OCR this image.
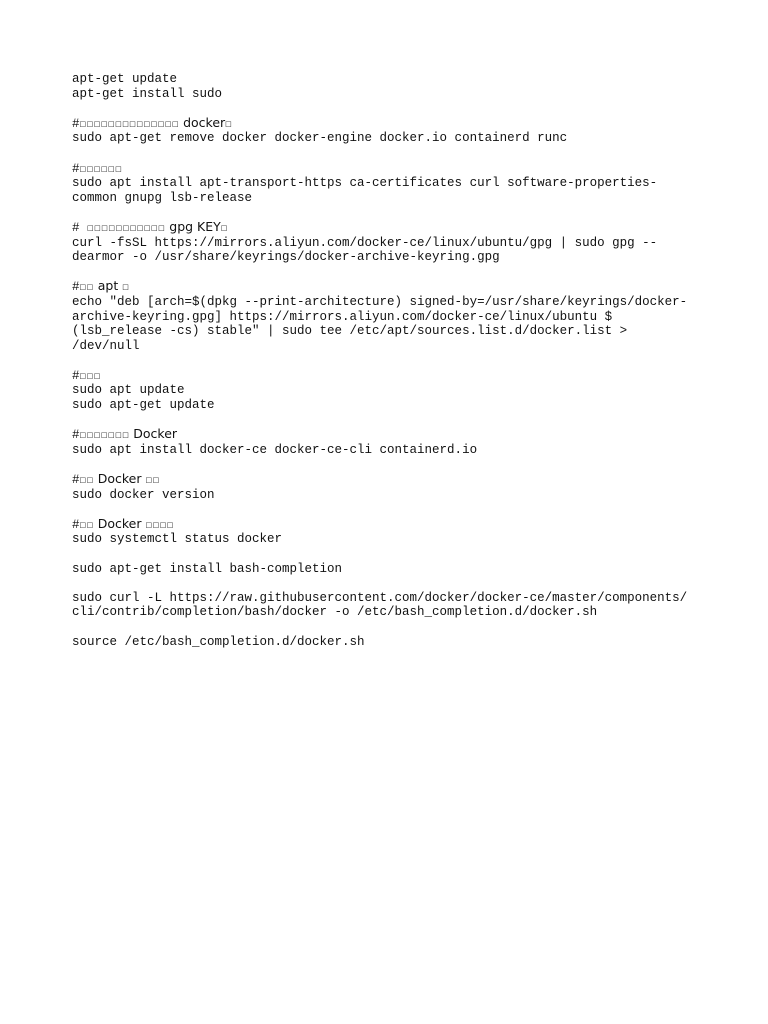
apt-get update
apt-get install sudo
#□□□□□□□□□□□□□□ docker□
sudo apt-get remove docker docker-engine docker.io containerd runc
#□□□□□□
sudo apt install apt-transport-https ca-certificates curl software-properties-
common gnupg lsb-release
# □□□□□□□□□□□ gpg KEY□
curl -fsSL https://mirrors.aliyun.com/docker-ce/linux/ubuntu/gpg | sudo gpg --
dearmor -o /usr/share/keyrings/docker-archive-keyring.gpg
#□□ apt □
echo "deb [arch=$(dpkg --print-architecture) signed-by=/usr/share/keyrings/docker-
archive-keyring.gpg] https://mirrors.aliyun.com/docker-ce/linux/ubuntu $
(lsb_release -cs) stable" | sudo tee /etc/apt/sources.list.d/docker.list >
/dev/null
#□□□
sudo apt update
sudo apt-get update
#□□□□□□□ Docker
sudo apt install docker-ce docker-ce-cli containerd.io
#□□ Docker □□
sudo docker version
#□□ Docker □□□□
sudo systemctl status docker
sudo apt-get install bash-completion
sudo curl -L https://raw.githubusercontent.com/docker/docker-ce/master/components/
cli/contrib/completion/bash/docker -o /etc/bash_completion.d/docker.sh
source /etc/bash_completion.d/docker.sh
